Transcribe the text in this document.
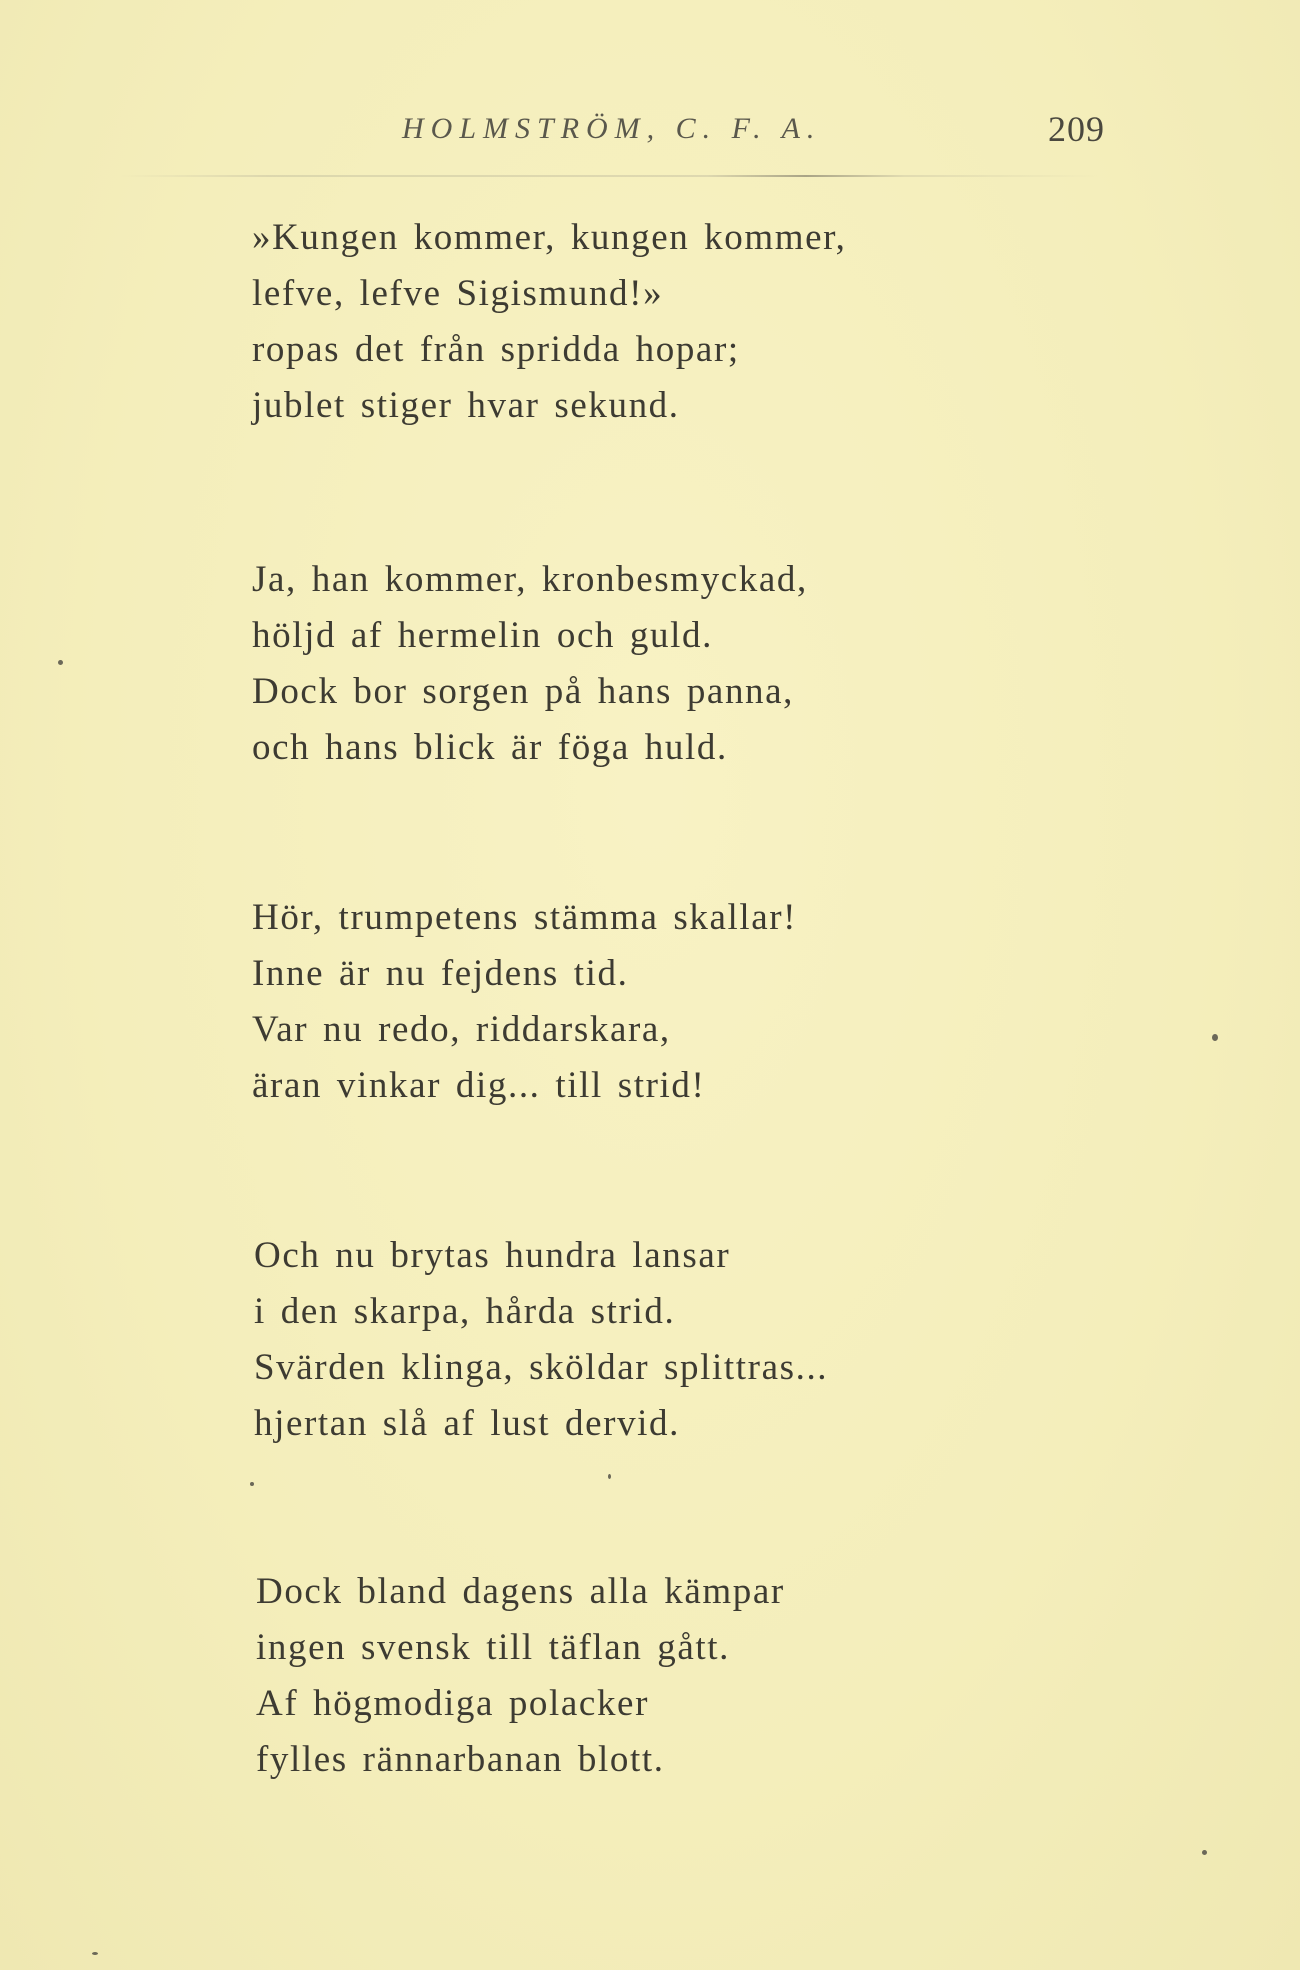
HOLMSTRÖM, C. F. A.	209
»Kungen kommer, kungen kommer,
lefve, lefve Sigismund!»
ropas det från spridda hopar;
jublet stiger hvar sekund.
Ja, han kommer, kronbesmyckad,
höljd af hermelin och guld.
Dock bor sorgen på hans panna,
och hans blick är föga huld.
Hör, trumpetens stämma skallar!
Inne är nu fejdens tid.
Var nu redo, riddarskara,
äran vinkar dig... till strid!
Och nu brytas hundra lansar
i den skarpa, hårda strid.
Svärden klinga, sköldar splittras...
hjertan slå af lust dervid.
Dock bland dagens alla kämpar
ingen svensk till täflan gått.
Af högmodiga polacker
fylles rännarbanan blott.
